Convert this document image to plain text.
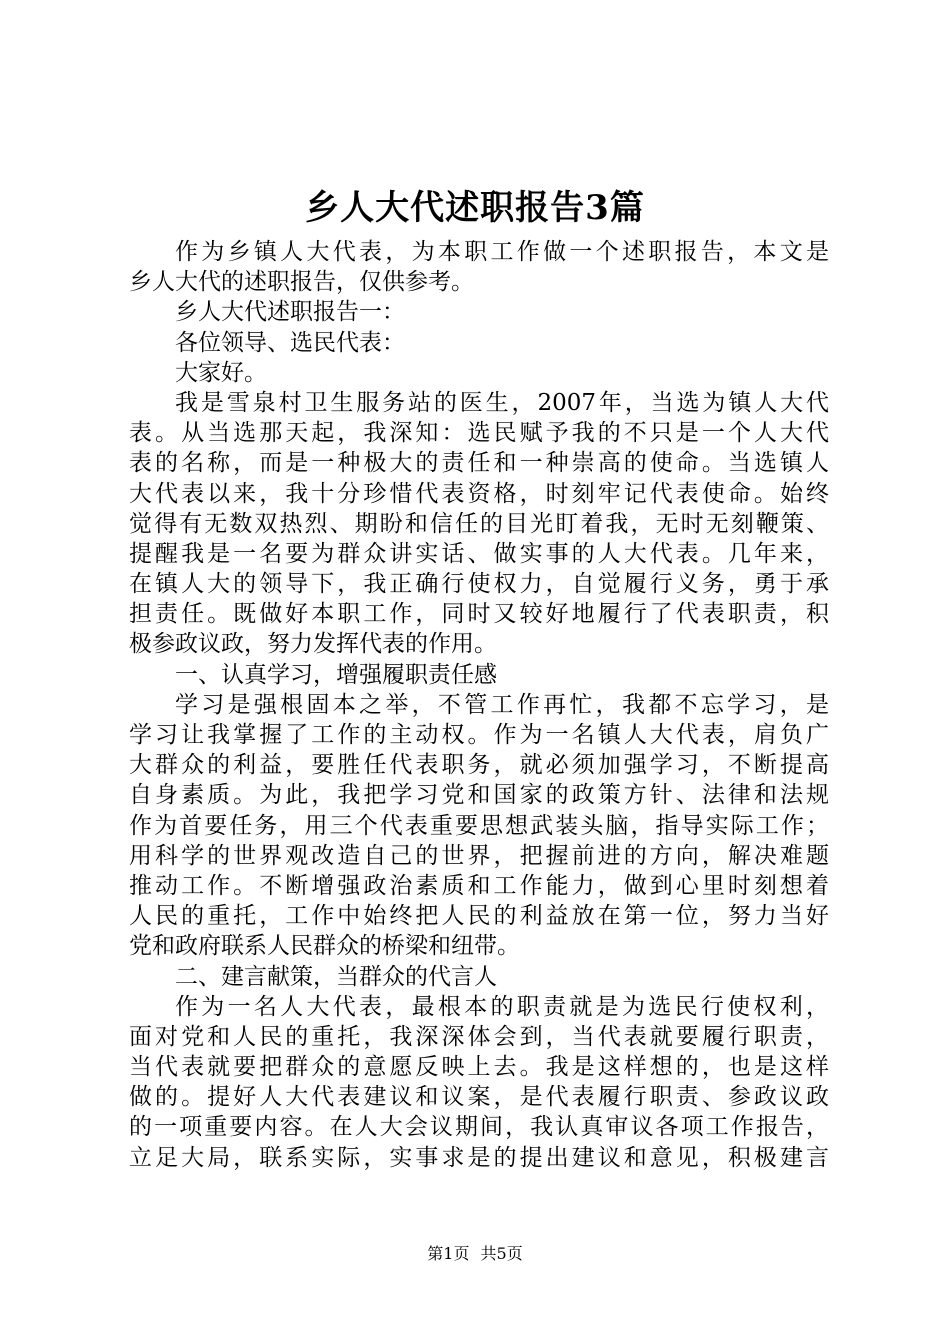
乡人大代述职报告3篇
作为乡镇人大代表，为本职工作做一个述职报告，本文是
乡人大代的述职报告，仅供参考。
乡人大代述职报告一：
各位领导、选民代表：
大家好。
我是雪泉村卫生服务站的医生，2007年，当选为镇人大代
表。从当选那天起，我深知：选民赋予我的不只是一个人大代
表的名称，而是一种极大的责任和一种崇高的使命。当选镇人
大代表以来，我十分珍惜代表资格，时刻牢记代表使命。始终
觉得有无数双热烈、期盼和信任的目光盯着我，无时无刻鞭策、
提醒我是一名要为群众讲实话、做实事的人大代表。几年来，
在镇人大的领导下，我正确行使权力，自觉履行义务，勇于承
担责任。既做好本职工作，同时又较好地履行了代表职责，积
极参政议政，努力发挥代表的作用。
一、认真学习，增强履职责任感
学习是强根固本之举，不管工作再忙，我都不忘学习，是
学习让我掌握了工作的主动权。作为一名镇人大代表，肩负广
大群众的利益，要胜任代表职务，就必须加强学习，不断提高
自身素质。为此，我把学习党和国家的政策方针、法律和法规
作为首要任务，用三个代表重要思想武装头脑，指导实际工作；
用科学的世界观改造自己的世界，把握前进的方向，解决难题
推动工作。不断增强政治素质和工作能力，做到心里时刻想着
人民的重托，工作中始终把人民的利益放在第一位，努力当好
党和政府联系人民群众的桥梁和纽带。
二、建言献策，当群众的代言人
作为一名人大代表，最根本的职责就是为选民行使权利，
面对党和人民的重托，我深深体会到，当代表就要履行职责，
当代表就要把群众的意愿反映上去。我是这样想的，也是这样
做的。提好人大代表建议和议案，是代表履行职责、参政议政
的一项重要内容。在人大会议期间，我认真审议各项工作报告，
立足大局，联系实际，实事求是的提出建议和意见，积极建言
第1页 共5页
